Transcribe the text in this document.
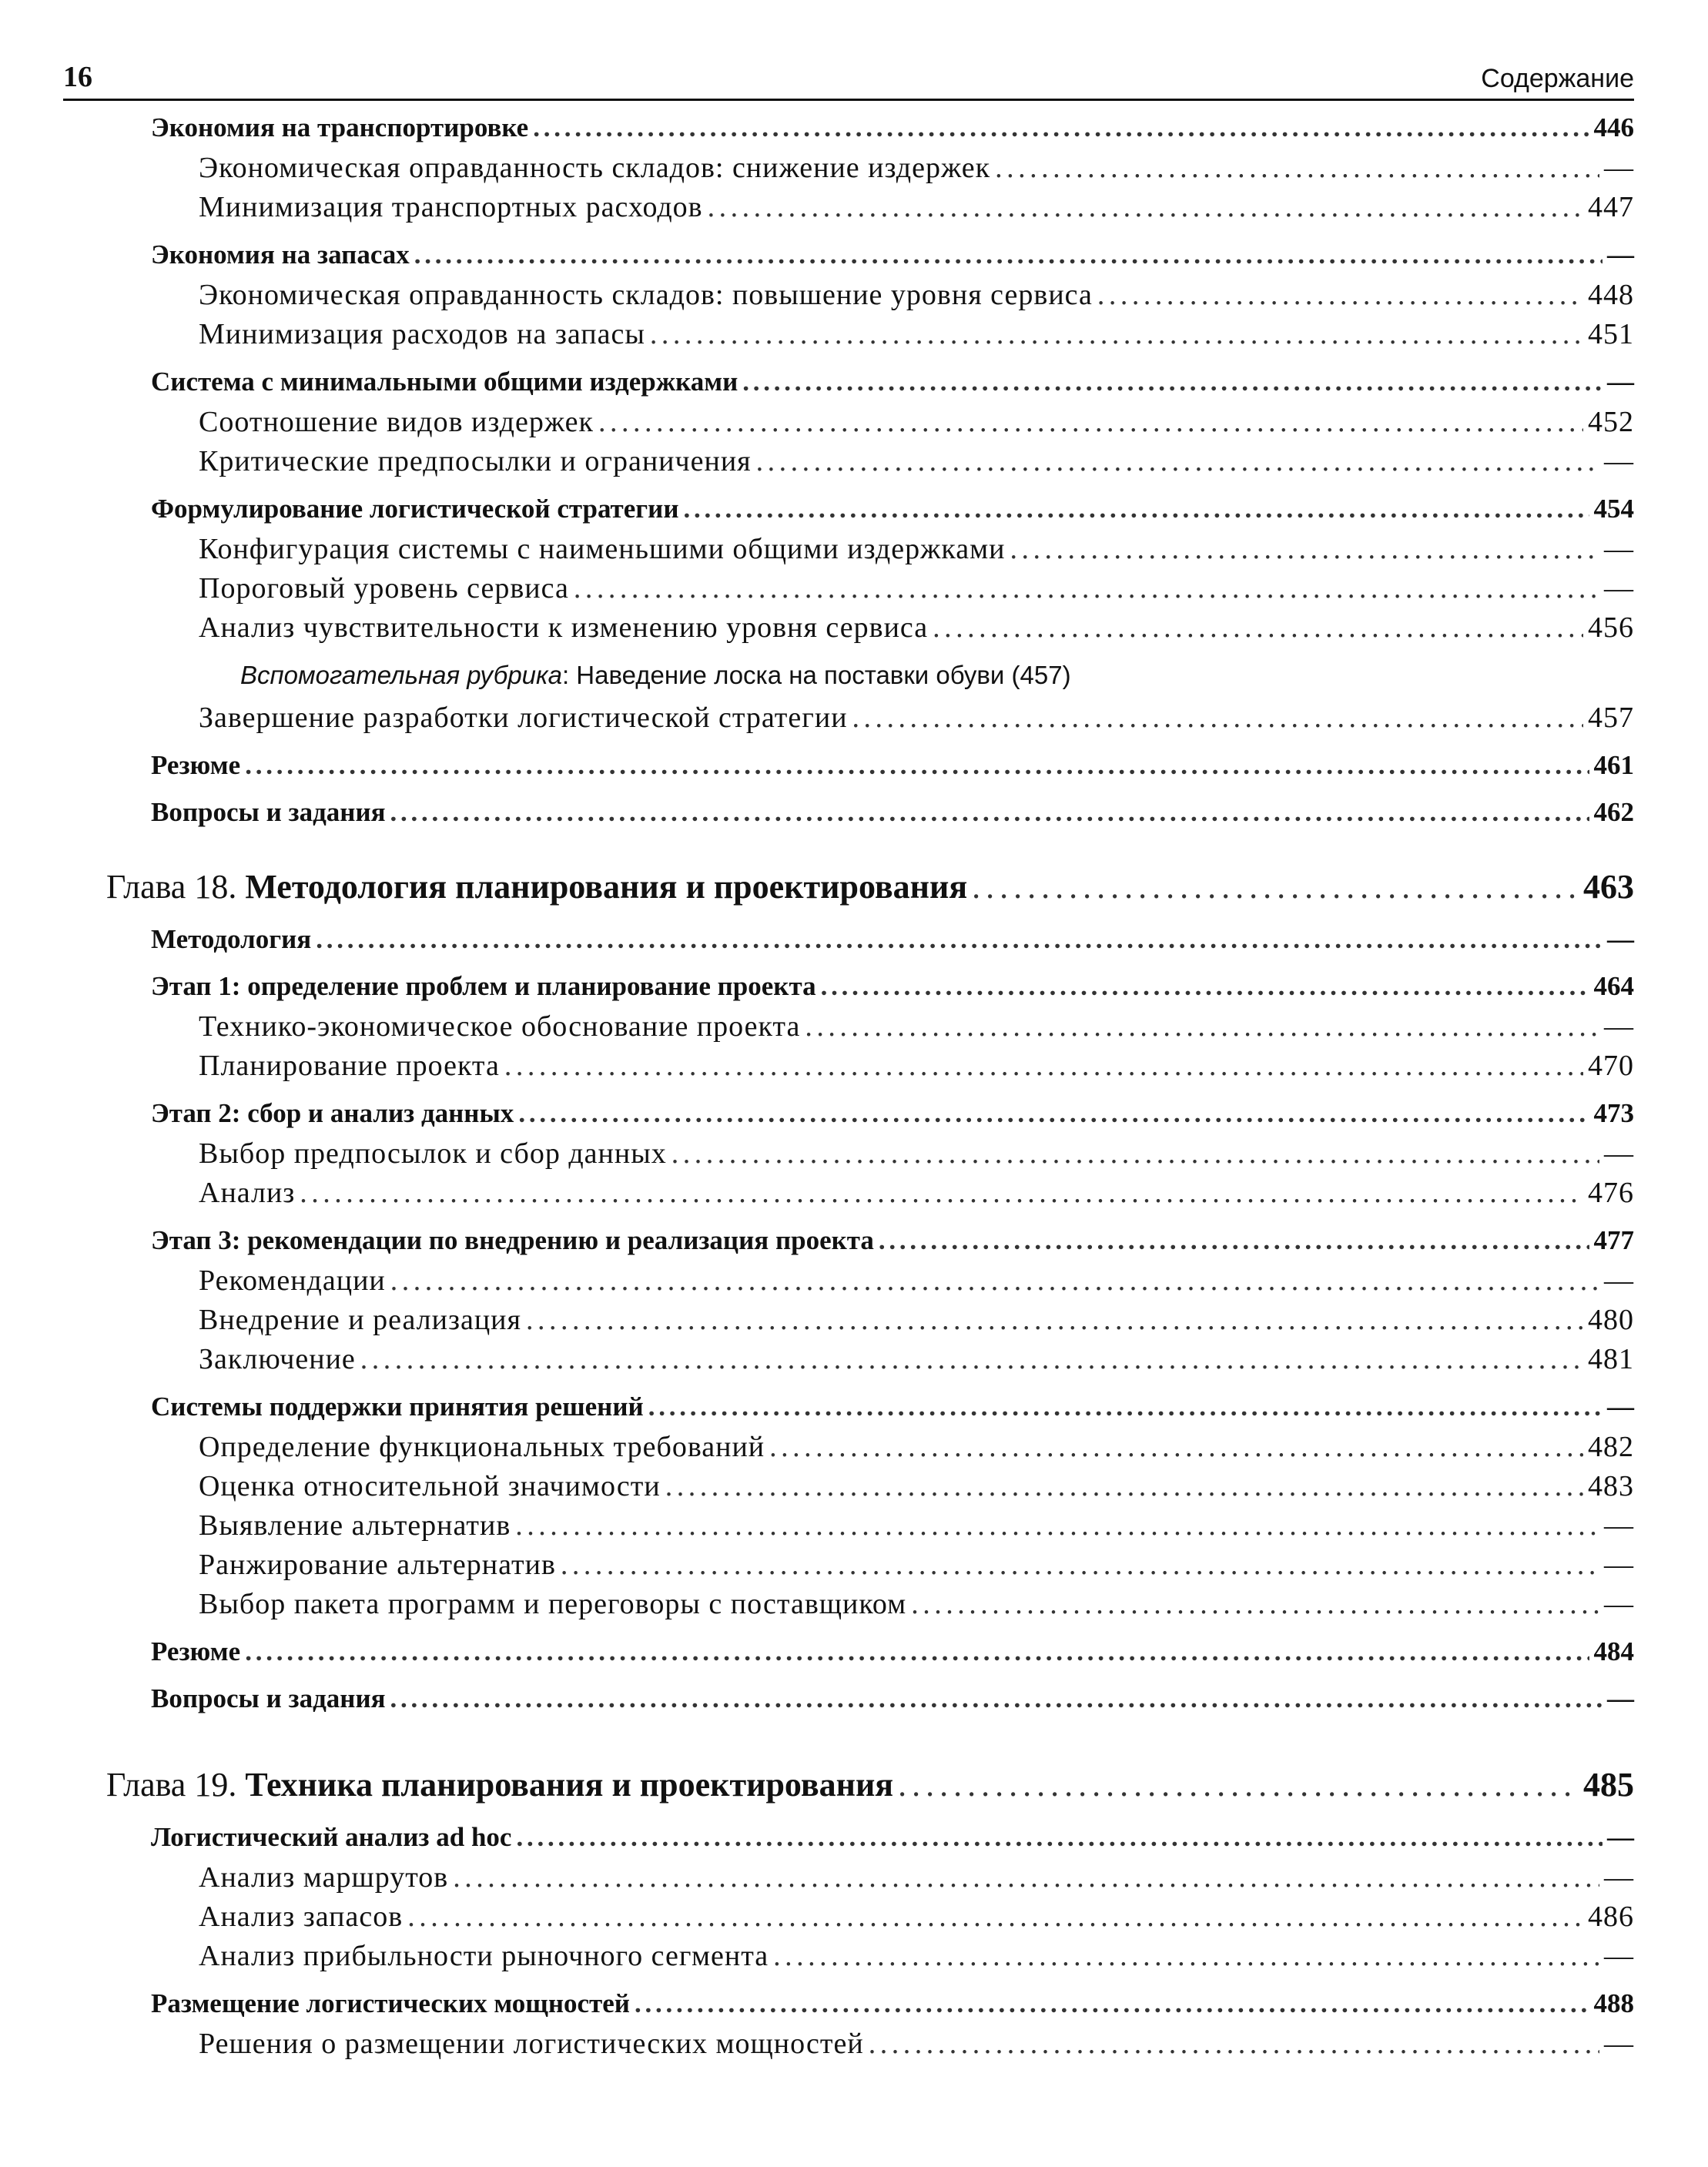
16	Содержание
Экономия на транспортировке . . .	446
Экономическая оправданность складов: снижение издержек . . .	—
Минимизация транспортных расходов . . .	447
Экономия на запасах . . .	—
Экономическая оправданность складов: повышение уровня сервиса . . .	448
Минимизация расходов на запасы . . .	451
Система с минимальными общими издержками . . .	—
Соотношение видов издержек . . .	452
Критические предпосылки и ограничения . . .	—
Формулирование логистической стратегии . . .	454
Конфигурация системы с наименьшими общими издержками . . .	—
Пороговый уровень сервиса . . .	—
Анализ чувствительности к изменению уровня сервиса . . .	456
Вспомогательная рубрика: Наведение лоска на поставки обуви (457)
Завершение разработки логистической стратегии . . .	457
Резюме . . .	461
Вопросы и задания . . .	462
Глава 18. Методология планирования и проектирования . . .	463
Методология . . .	—
Этап 1: определение проблем и планирование проекта . . .	464
Технико-экономическое обоснование проекта . . .	—
Планирование проекта . . .	470
Этап 2: сбор и анализ данных . . .	473
Выбор предпосылок и сбор данных . . .	—
Анализ . . .	476
Этап 3: рекомендации по внедрению и реализация проекта . . .	477
Рекомендации . . .	—
Внедрение и реализация . . .	480
Заключение . . .	481
Системы поддержки принятия решений . . .	—
Определение функциональных требований . . .	482
Оценка относительной значимости . . .	483
Выявление альтернатив . . .	—
Ранжирование альтернатив . . .	—
Выбор пакета программ и переговоры с поставщиком . . .	—
Резюме . . .	484
Вопросы и задания . . .	—
Глава 19. Техника планирования и проектирования . . .	485
Логистический анализ ad hoc . . .	—
Анализ маршрутов . . .	—
Анализ запасов . . .	486
Анализ прибыльности рыночного сегмента . . .	—
Размещение логистических мощностей . . .	488
Решения о размещении логистических мощностей . . .	—
